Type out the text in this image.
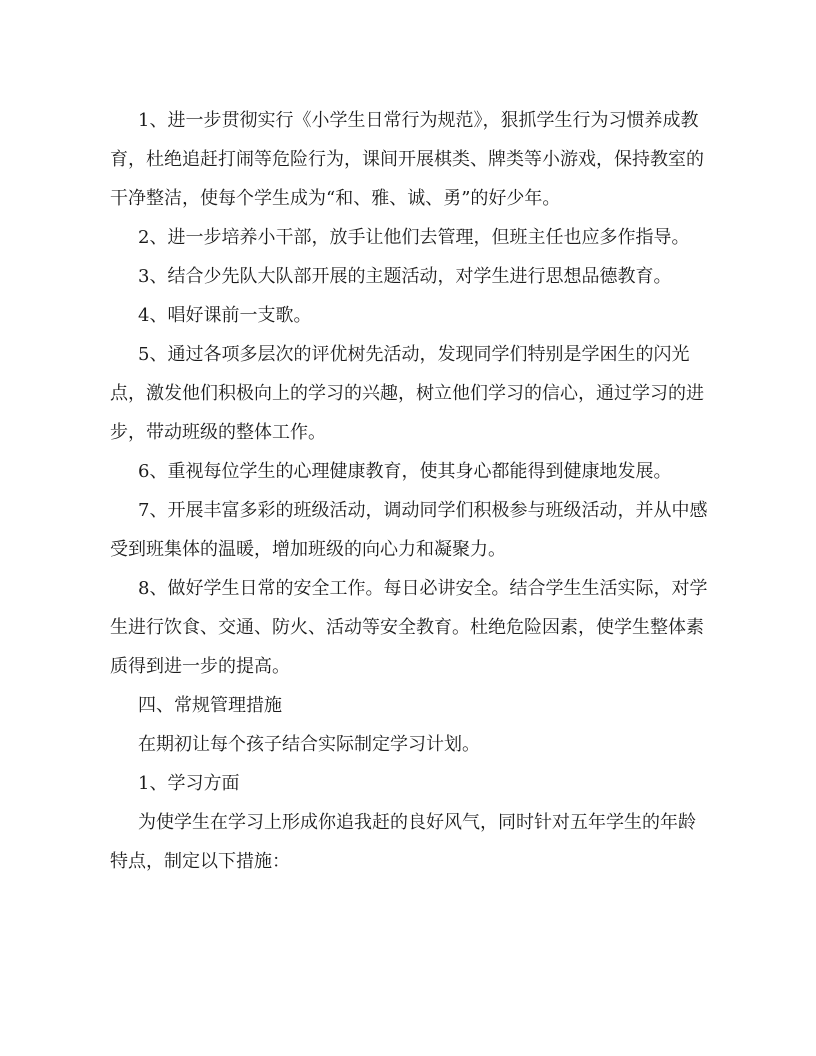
1、进一步贯彻实行《小学生日常行为规范》，狠抓学生行为习惯养成教育，杜绝追赶打闹等危险行为，课间开展棋类、牌类等小游戏，保持教室的干净整洁，使每个学生成为“和、雅、诚、勇”的好少年。

2、进一步培养小干部，放手让他们去管理，但班主任也应多作指导。

3、结合少先队大队部开展的主题活动，对学生进行思想品德教育。

4、唱好课前一支歌。

5、通过各项多层次的评优树先活动，发现同学们特别是学困生的闪光点，激发他们积极向上的学习的兴趣，树立他们学习的信心，通过学习的进步，带动班级的整体工作。

6、重视每位学生的心理健康教育，使其身心都能得到健康地发展。

7、开展丰富多彩的班级活动，调动同学们积极参与班级活动，并从中感受到班集体的温暖，增加班级的向心力和凝聚力。

8、做好学生日常的安全工作。每日必讲安全。结合学生生活实际，对学生进行饮食、交通、防火、活动等安全教育。杜绝危险因素，使学生整体素质得到进一步的提高。

四、常规管理措施

在期初让每个孩子结合实际制定学习计划。

1、学习方面

为使学生在学习上形成你追我赶的良好风气，同时针对五年学生的年龄特点，制定以下措施：
